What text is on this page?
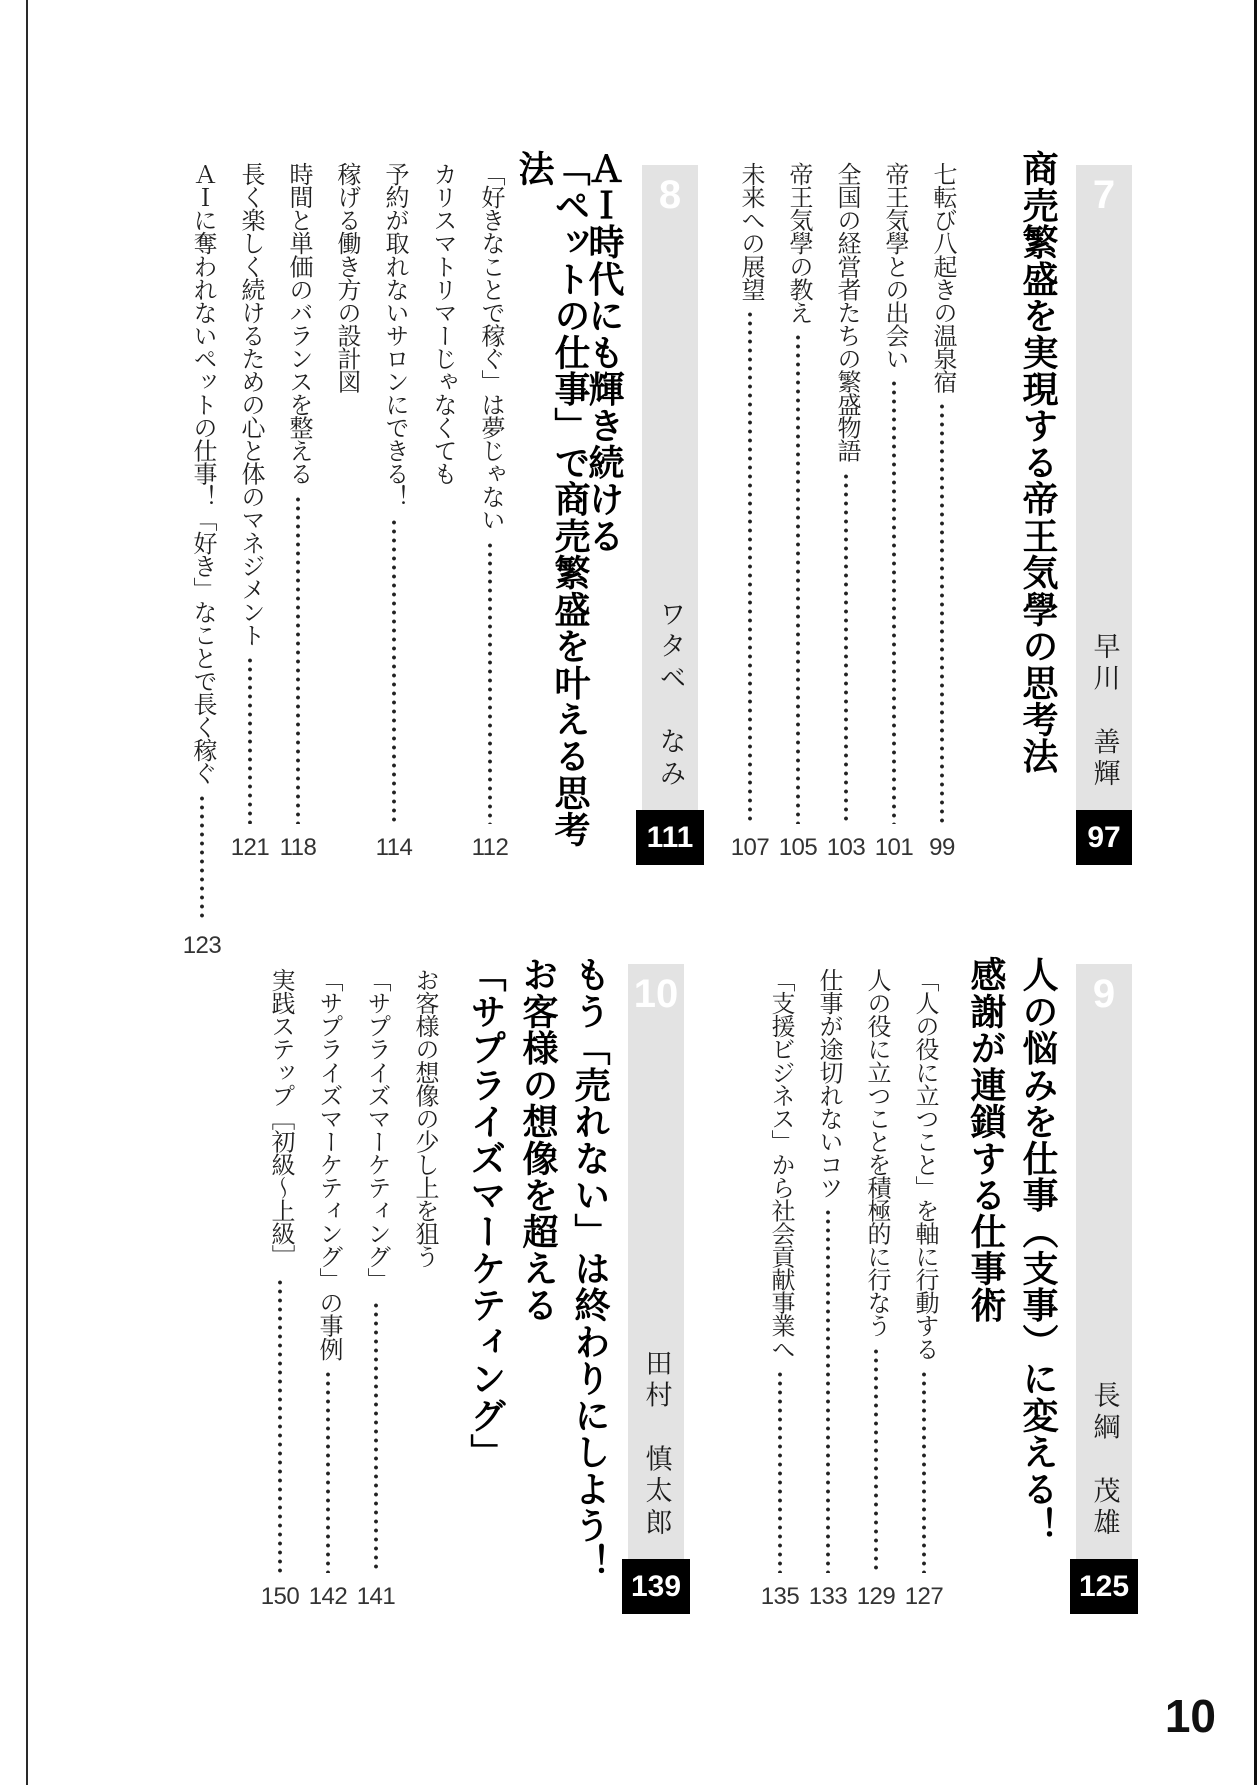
7
早川　善輝
97
商売繁盛を実現する帝王気學の思考法
七転び八起きの温泉宿
99
帝王気學との出会い
101
全国の経営者たちの繁盛物語
103
帝王気學の教え
105
未来への展望
107
8
ワタベ　なみ
111
ＡＩ時代にも輝き続ける
「ペットの仕事」で商売繁盛を叶える思考法
「好きなことで稼ぐ」は夢じゃない
112
カリスマトリマーじゃなくても
予約が取れないサロンにできる！
114
稼げる働き方の設計図
時間と単価のバランスを整える
118
長く楽しく続けるための心と体のマネジメント
121
ＡＩに奪われないペットの仕事！「好き」なことで長く稼ぐ
123
9
長綱　茂雄
125
人の悩みを仕事（支事）に変える！
感謝が連鎖する仕事術
「人の役に立つこと」を軸に行動する
127
人の役に立つことを積極的に行なう
129
仕事が途切れないコツ
133
「支援ビジネス」から社会貢献事業へ
135
10
田村　慎太郎
139
もう「売れない」は終わりにしよう！
お客様の想像を超える
「サプライズマーケティング」
お客様の想像の少し上を狙う
「サプライズマーケティング」
141
「サプライズマーケティング」の事例
142
実践ステップ［初級〜上級］
150
10
